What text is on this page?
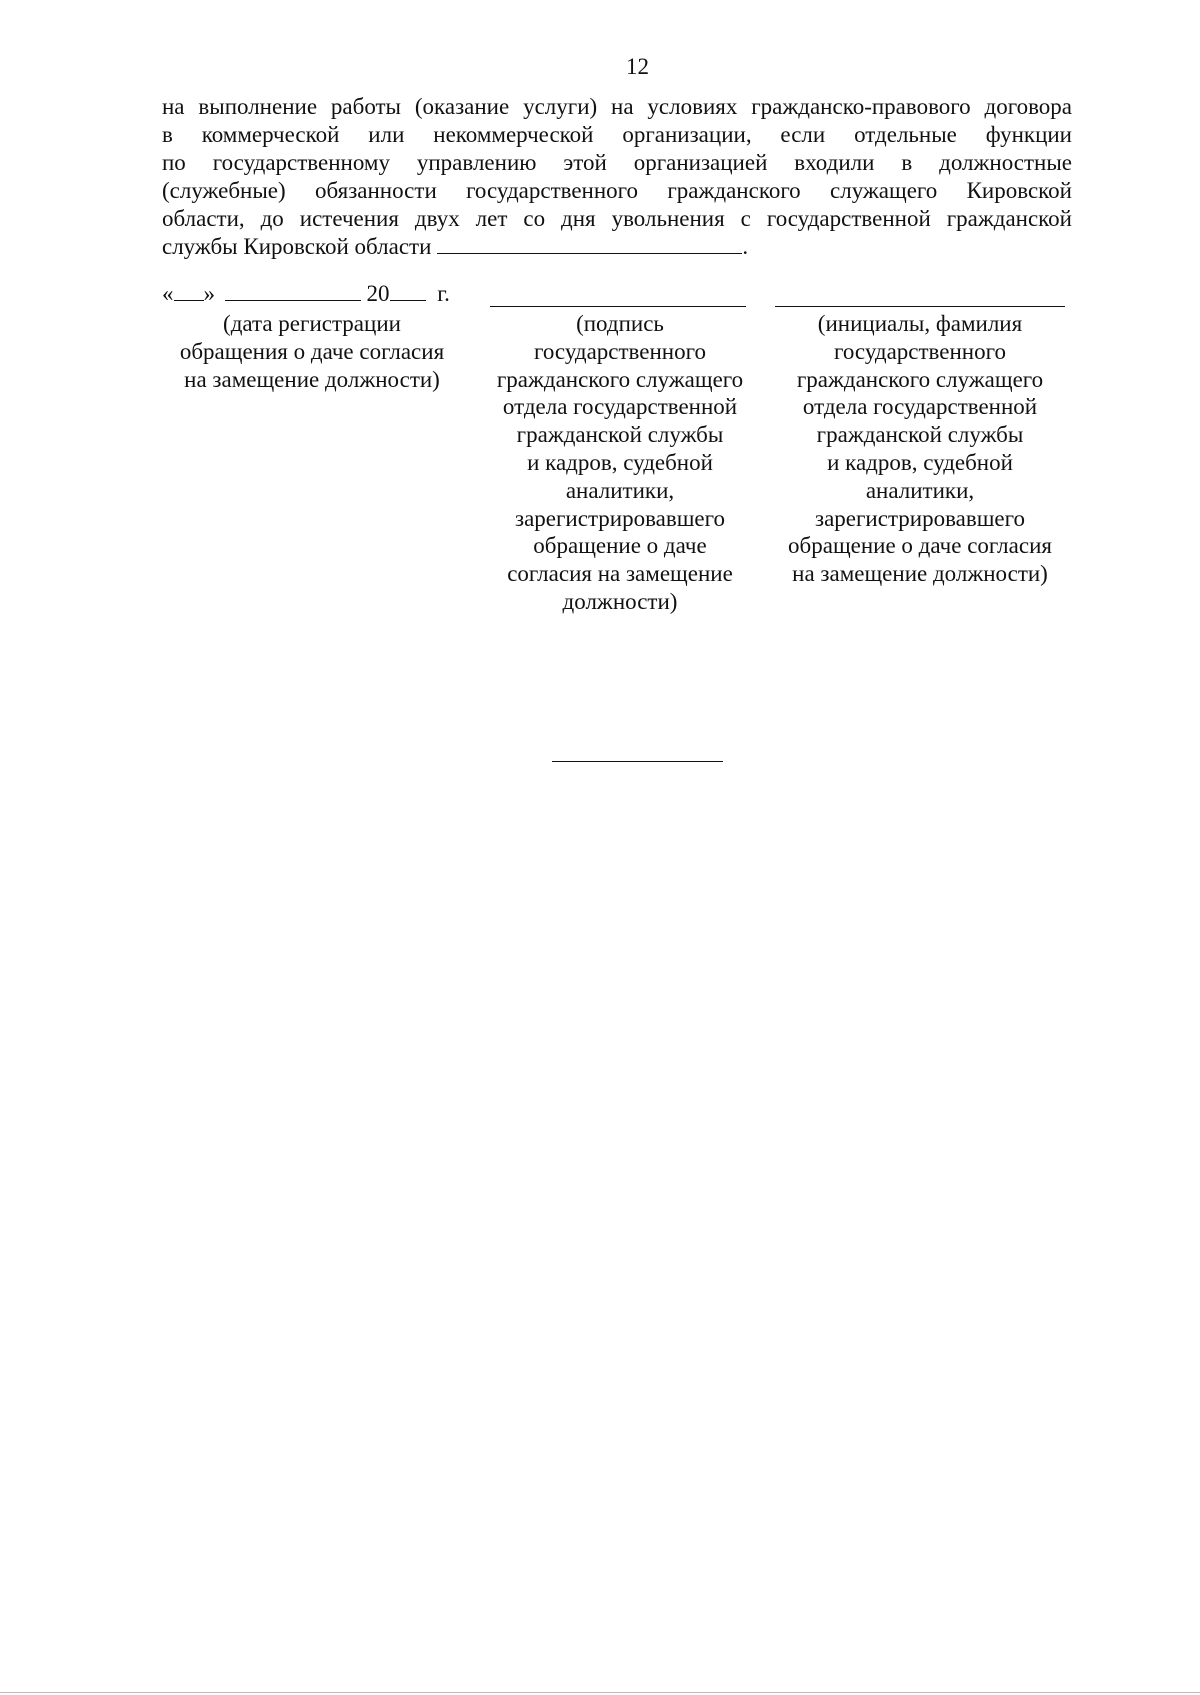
12
на выполнение работы (оказание услуги) на условиях гражданско-правового договора
в коммерческой или некоммерческой организации, если отдельные функции
по государственному управлению этой организацией входили в должностные
(служебные) обязанности государственного гражданского служащего Кировской
области, до истечения двух лет со дня увольнения с государственной гражданской
службы Кировской области	.
« »	20 г.
(дата регистрации
обращения о даче согласия
на замещение должности)
(подпись
государственного
гражданского служащего
отдела государственной
гражданской службы
и кадров, судебной
аналитики,
зарегистрировавшего
обращение о даче
согласия на замещение
должности)
(инициалы, фамилия
государственного
гражданского служащего
отдела государственной
гражданской службы
и кадров, судебной
аналитики,
зарегистрировавшего
обращение о даче согласия
на замещение должности)
